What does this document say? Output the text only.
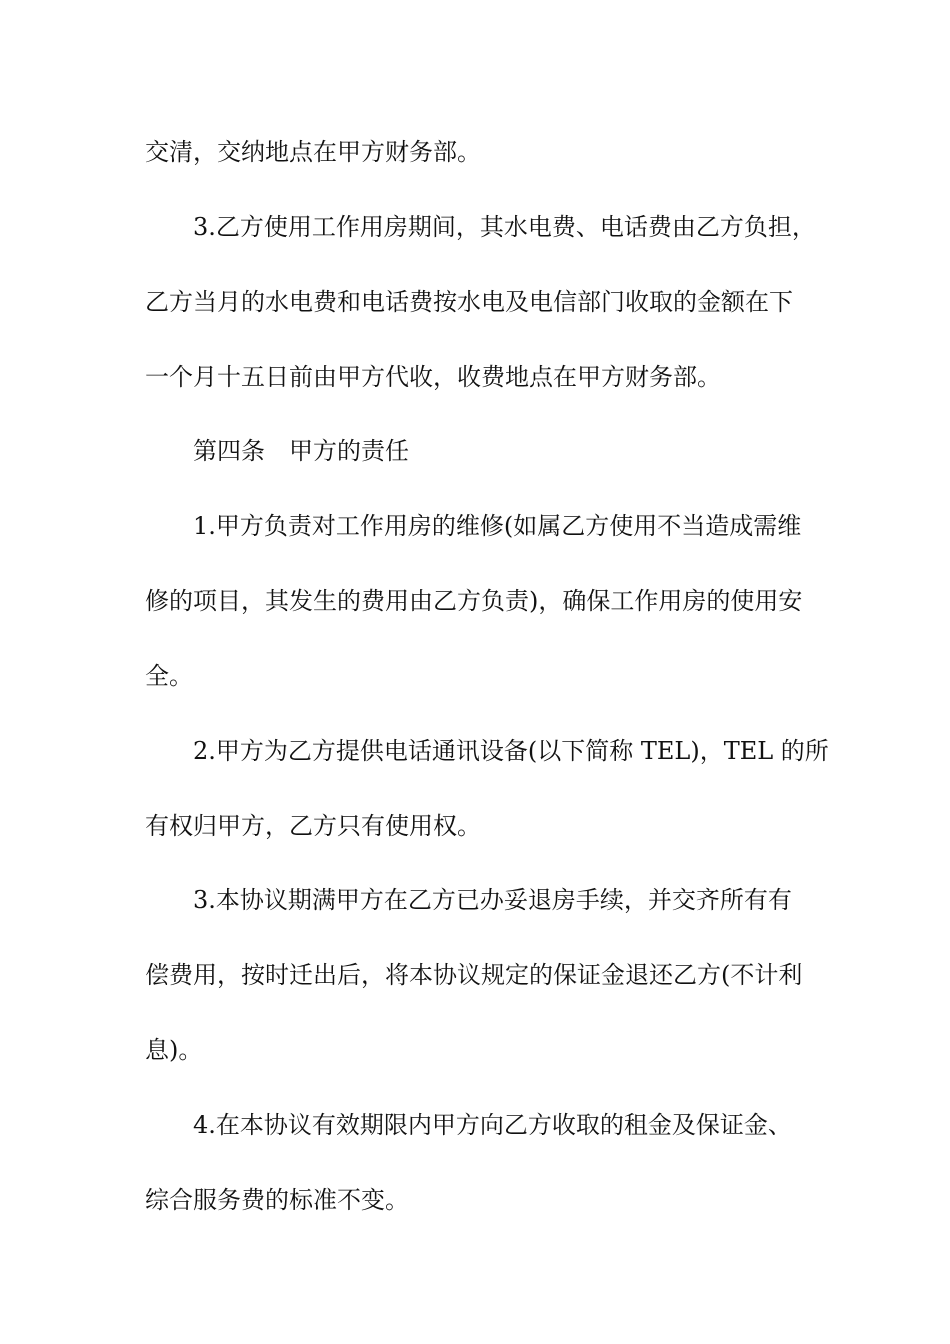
交清，交纳地点在甲方财务部。

3.乙方使用工作用房期间，其水电费、电话费由乙方负担，

乙方当月的水电费和电话费按水电及电信部门收取的金额在下

一个月十五日前由甲方代收，收费地点在甲方财务部。

第四条　甲方的责任

1.甲方负责对工作用房的维修(如属乙方使用不当造成需维

修的项目，其发生的费用由乙方负责)，确保工作用房的使用安

全。

2.甲方为乙方提供电话通讯设备(以下简称 TEL)，TEL 的所

有权归甲方，乙方只有使用权。

3.本协议期满甲方在乙方已办妥退房手续，并交齐所有有

偿费用，按时迁出后，将本协议规定的保证金退还乙方(不计利

息)。

4.在本协议有效期限内甲方向乙方收取的租金及保证金、

综合服务费的标准不变。
